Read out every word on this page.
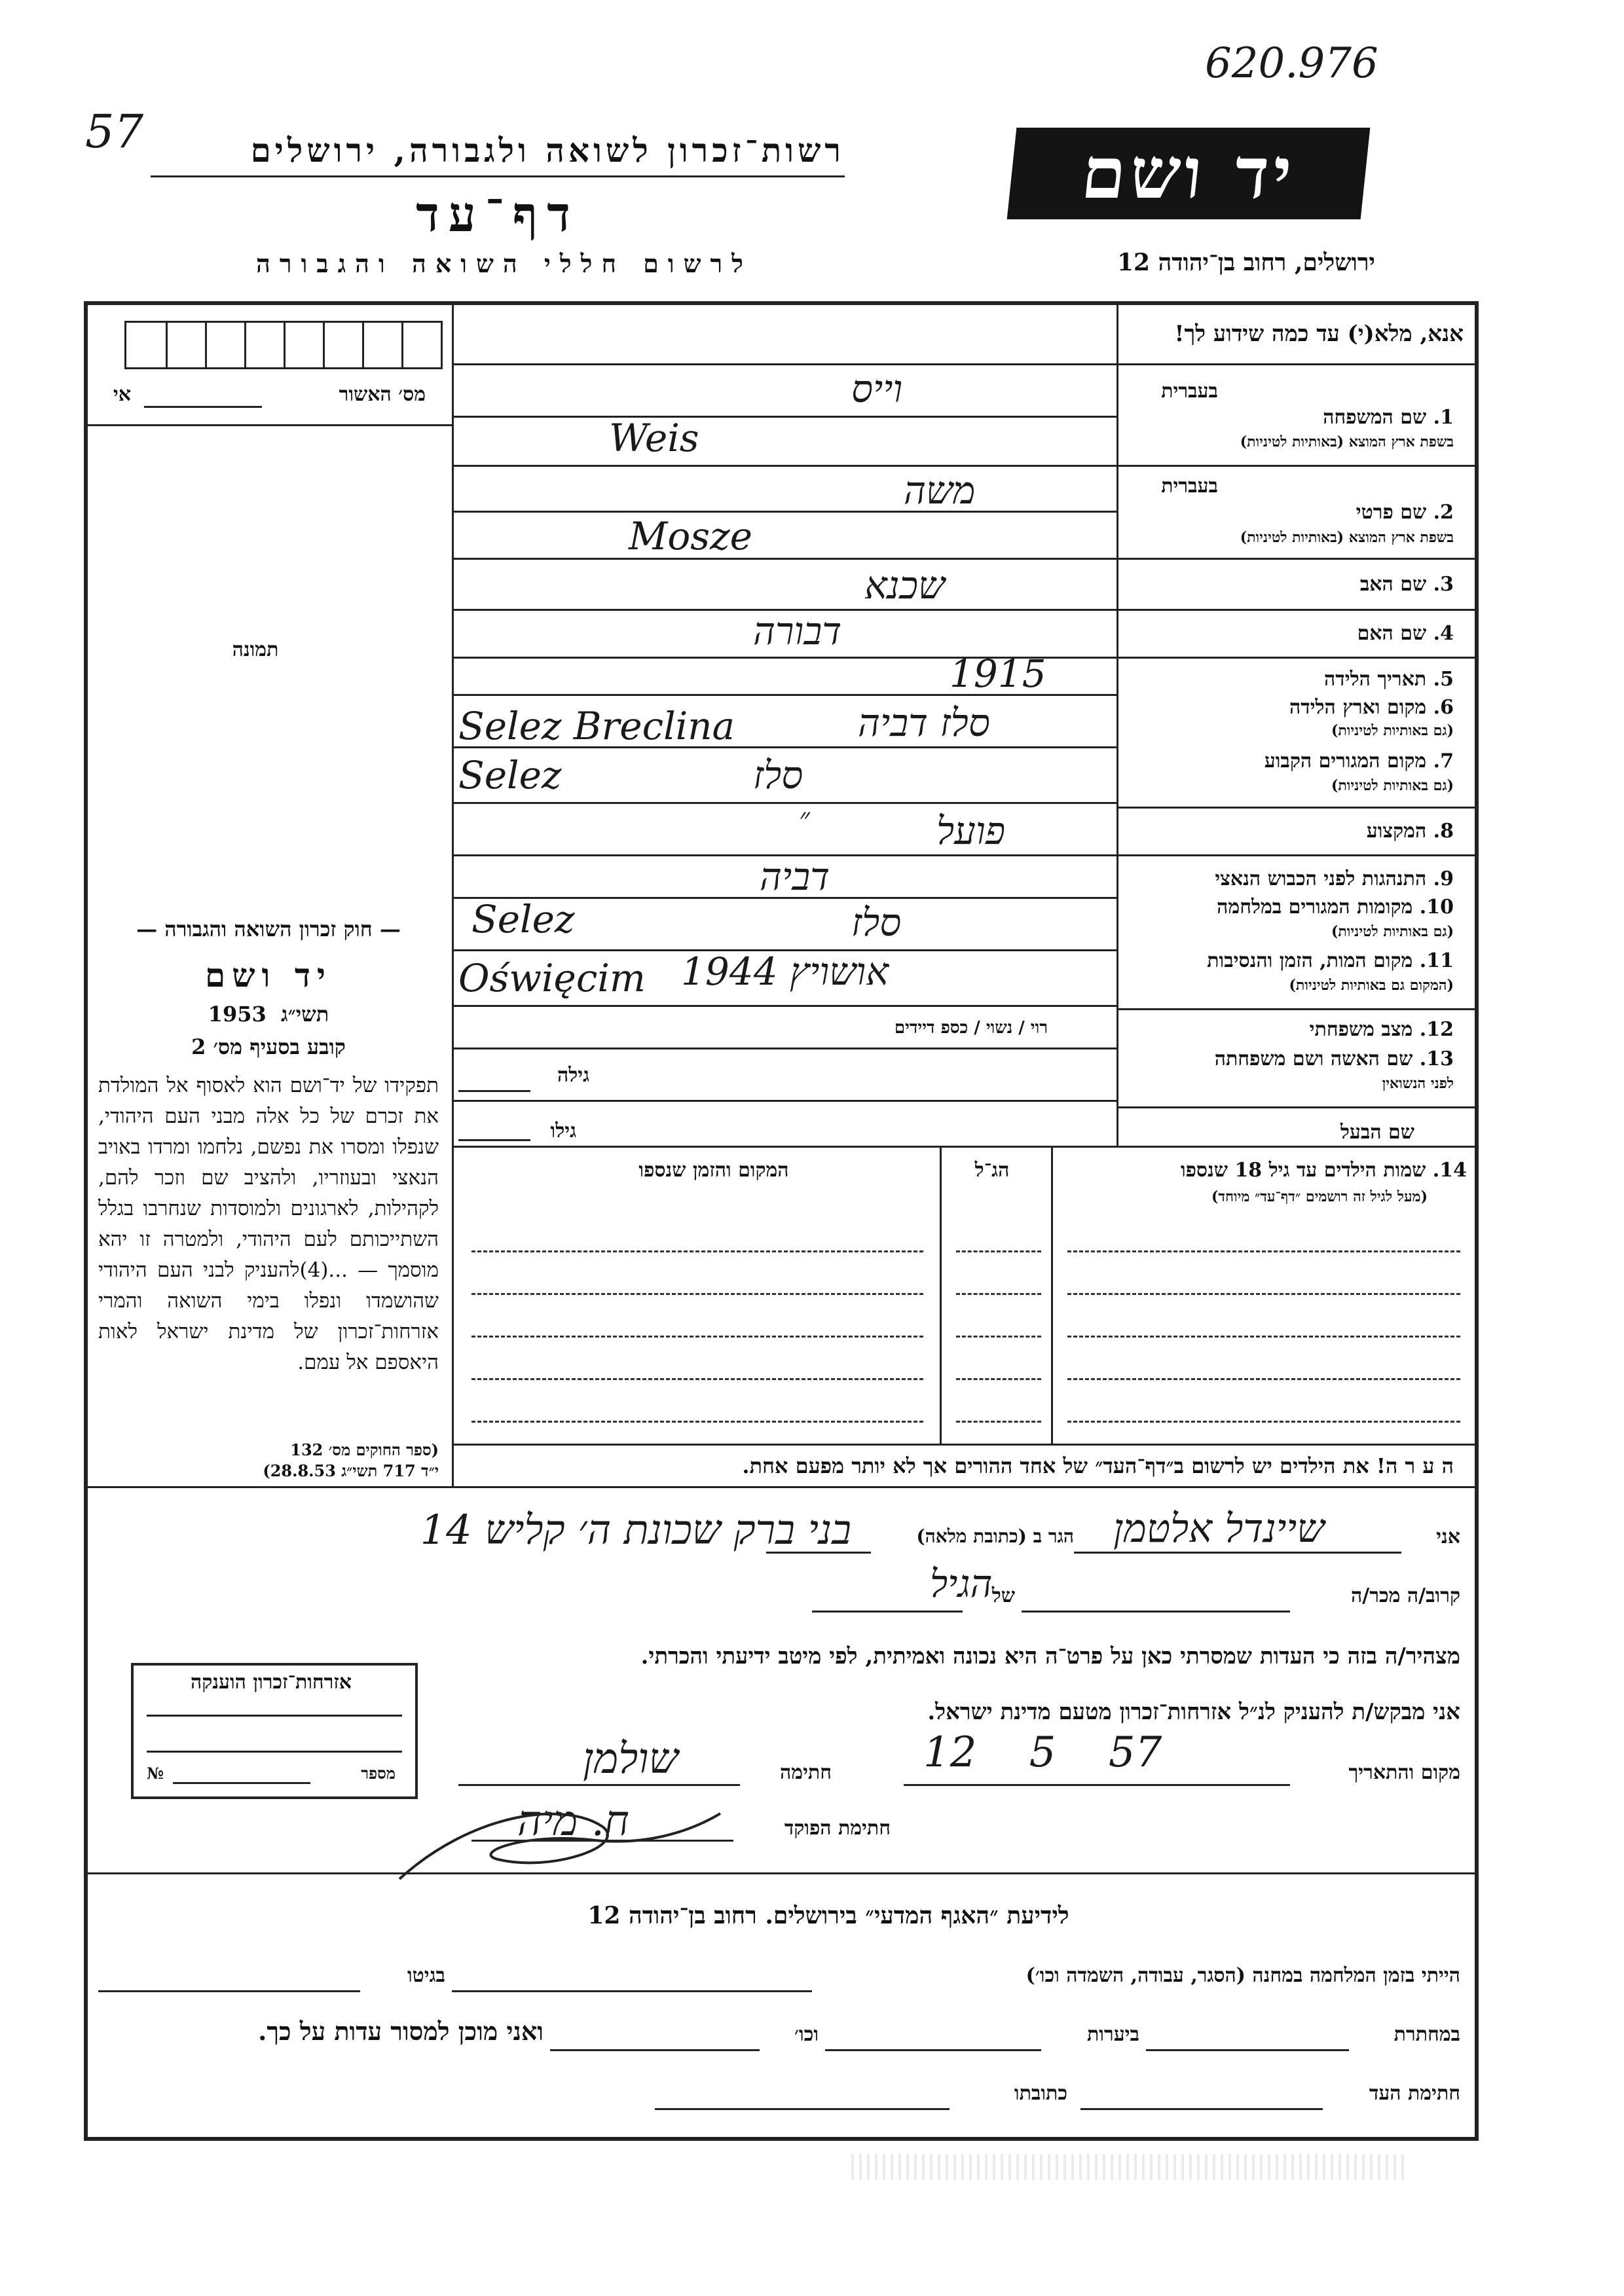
620.976
57	רשות־זכרון לשואה ולגבורה, ירושלים
דף־עד
לרשום חללי השואה והגבורה
יד ושם
ירושלים, רחוב בן־יהודה 12
מס׳ האשור
אי
תמונה
אנא, מלא(י) עד כמה שידוע לך!
בעברית
1. שם המשפחה
בשפת ארץ המוצא (באותיות לטיניות)
בעברית
2. שם פרטי
בשפת ארץ המוצא (באותיות לטיניות)
3. שם האב
4. שם האם
5. תאריך הלידה
6. מקום וארץ הלידה
(גם באותיות לטיניות)
7. מקום המגורים הקבוע
(גם באותיות לטיניות)
8. המקצוע
9. התנהגות לפני הכבוש הנאצי
10. מקומות המגורים במלחמה
(גם באותיות לטיניות)
11. מקום המות, הזמן והנסיבות
(המקום גם באותיות לטיניות)
12. מצב משפחתי
13. שם האשה ושם משפחתה
לפני הנשואין
שם הבעל
וייס
Weis
משה
Mosze
שכנא
דבורה
1915
סלז דביה
Selez Breclina
סלז
Selez
״	פועל
דביה
סלז
Selez
אושויץ 1944
Oświęcim
רוי / נשוי / כספ דיידים
גילה
גילו
14. שמות הילדים עד גיל 18 שנספו
(מעל לגיל זה רושמים ״דף־עד״ מיוחד)
הג־ל
המקום והזמן שנספו
ה ע ר ה! את הילדים יש לרשום ב״דף־העד״ של אחד ההורים אך לא יותר מפעם אחת.
— חוק זכרון השואה והגבורה —
יד ושם
1953 תשי״ג
קובע בסעיף מס׳ 2
תפקידו של יד־ושם הוא לאסוף אל המולדת את זכרם של כל אלה מבני העם היהודי, שנפלו ומסרו את נפשם, נלחמו ומרדו באויב הנאצי ובעוזריו, ולהציב שם וזכר להם, לקהילות, לארגונים ולמוסדות שנחרבו בגלל השתייכותם לעם היהודי, ולמטרה זו יהא מוסמך — ...(4)להעניק לבני העם היהודי שהושמדו ונפלו בימי השואה והמרי אזרחות־זכרון של מדינת ישראל לאות היאספם אל עמם.
(ספר החוקים מס׳ 132
י״ד 717 תשי״ג 28.8.53)
אזרחות־זכרון הוענקה
מספר
№
אני
שיינדל אלטמן
הגר ב (כתובת מלאה)
בני ברק שכונת ה׳ קליש 14
קרוב/ה מכר/ה
הגיל של
מצהיר/ה בזה כי העדות שמסרתי כאן על פרט־ה היא נכונה ואמיתית, לפי מיטב ידיעתי והכרתי.
אני מבקש/ת להעניק לנ״ל אזרחות־זכרון מטעם מדינת ישראל.
מקום והתאריך
12 5 57
חתימה
שולמן
חתימת הפוקד
ח. מיה
לידיעת ״האגף המדעי״ בירושלים. רחוב בן־יהודה 12
הייתי בזמן המלחמה במחנה (הסגר, עבודה, השמדה וכו׳)
בגיטו
במחתרת
ביערות
וכו׳
ואני מוכן למסור עדות על כך.
חתימת העד
כתובתו
